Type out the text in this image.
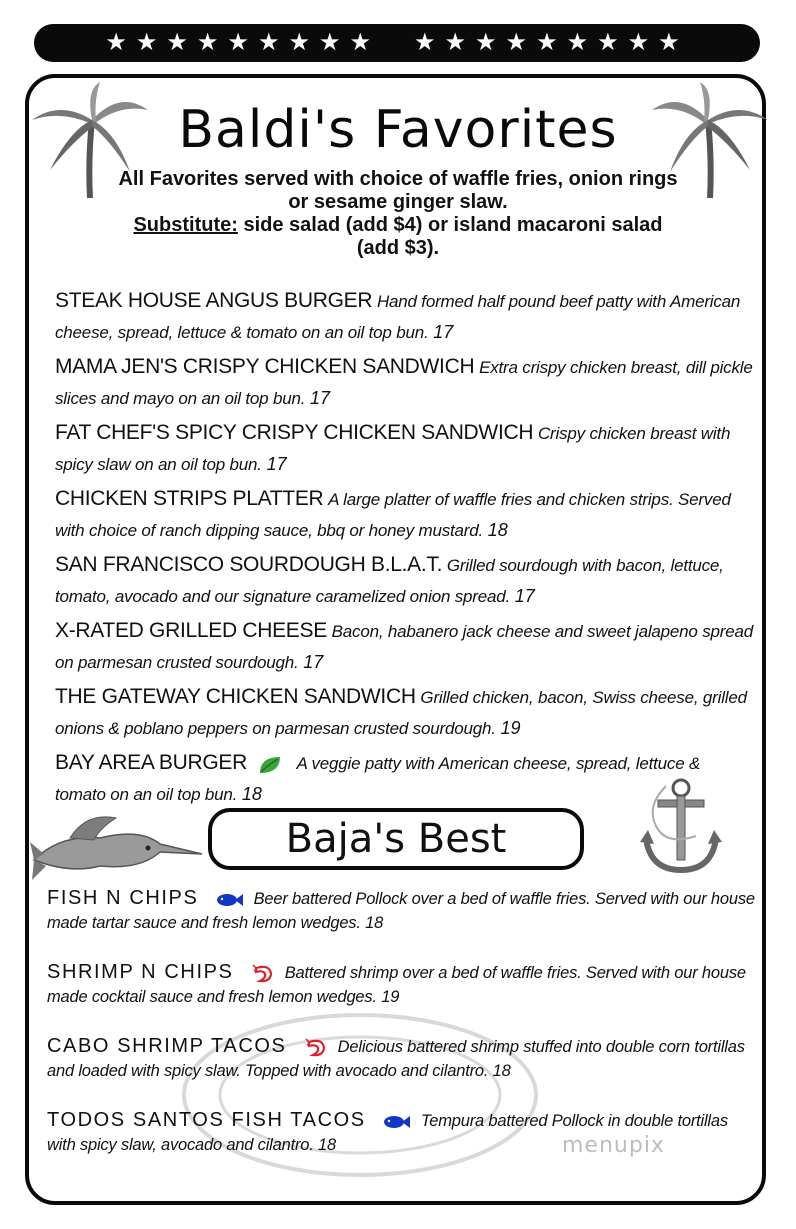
★★★★★★★★★ ★★★★★★★★★
Baldi's Favorites
All Favorites served with choice of waffle fries, onion rings or sesame ginger slaw.
Substitute: side salad (add $4) or island macaroni salad (add $3).
STEAK HOUSE ANGUS BURGER Hand formed half pound beef patty with American cheese, spread, lettuce & tomato on an oil top bun. 17
MAMA JEN'S CRISPY CHICKEN SANDWICH Extra crispy chicken breast, dill pickle slices and mayo on an oil top bun. 17
FAT CHEF'S SPICY CRISPY CHICKEN SANDWICH Crispy chicken breast with spicy slaw on an oil top bun. 17
CHICKEN STRIPS PLATTER A large platter of waffle fries and chicken strips. Served with choice of ranch dipping sauce, bbq or honey mustard. 18
SAN FRANCISCO SOURDOUGH B.L.A.T. Grilled sourdough with bacon, lettuce, tomato, avocado and our signature caramelized onion spread. 17
X-RATED GRILLED CHEESE Bacon, habanero jack cheese and sweet jalapeno spread on parmesan crusted sourdough. 17
THE GATEWAY CHICKEN SANDWICH Grilled chicken, bacon, Swiss cheese, grilled onions & poblano peppers on parmesan crusted sourdough. 19
BAY AREA BURGER	A veggie patty with American cheese, spread, lettuce & tomato on an oil top bun. 18
Baja's Best
FISH N CHIPS	Beer battered Pollock over a bed of waffle fries. Served with our house made tartar sauce and fresh lemon wedges. 18
SHRIMP N CHIPS	Battered shrimp over a bed of waffle fries. Served with our house made cocktail sauce and fresh lemon wedges. 19
CABO SHRIMP TACOS	Delicious battered shrimp stuffed into double corn tortillas and loaded with spicy slaw. Topped with avocado and cilantro. 18
TODOS SANTOS FISH TACOS	Tempura battered Pollock in double tortillas with spicy slaw, avocado and cilantro. 18	menupix
